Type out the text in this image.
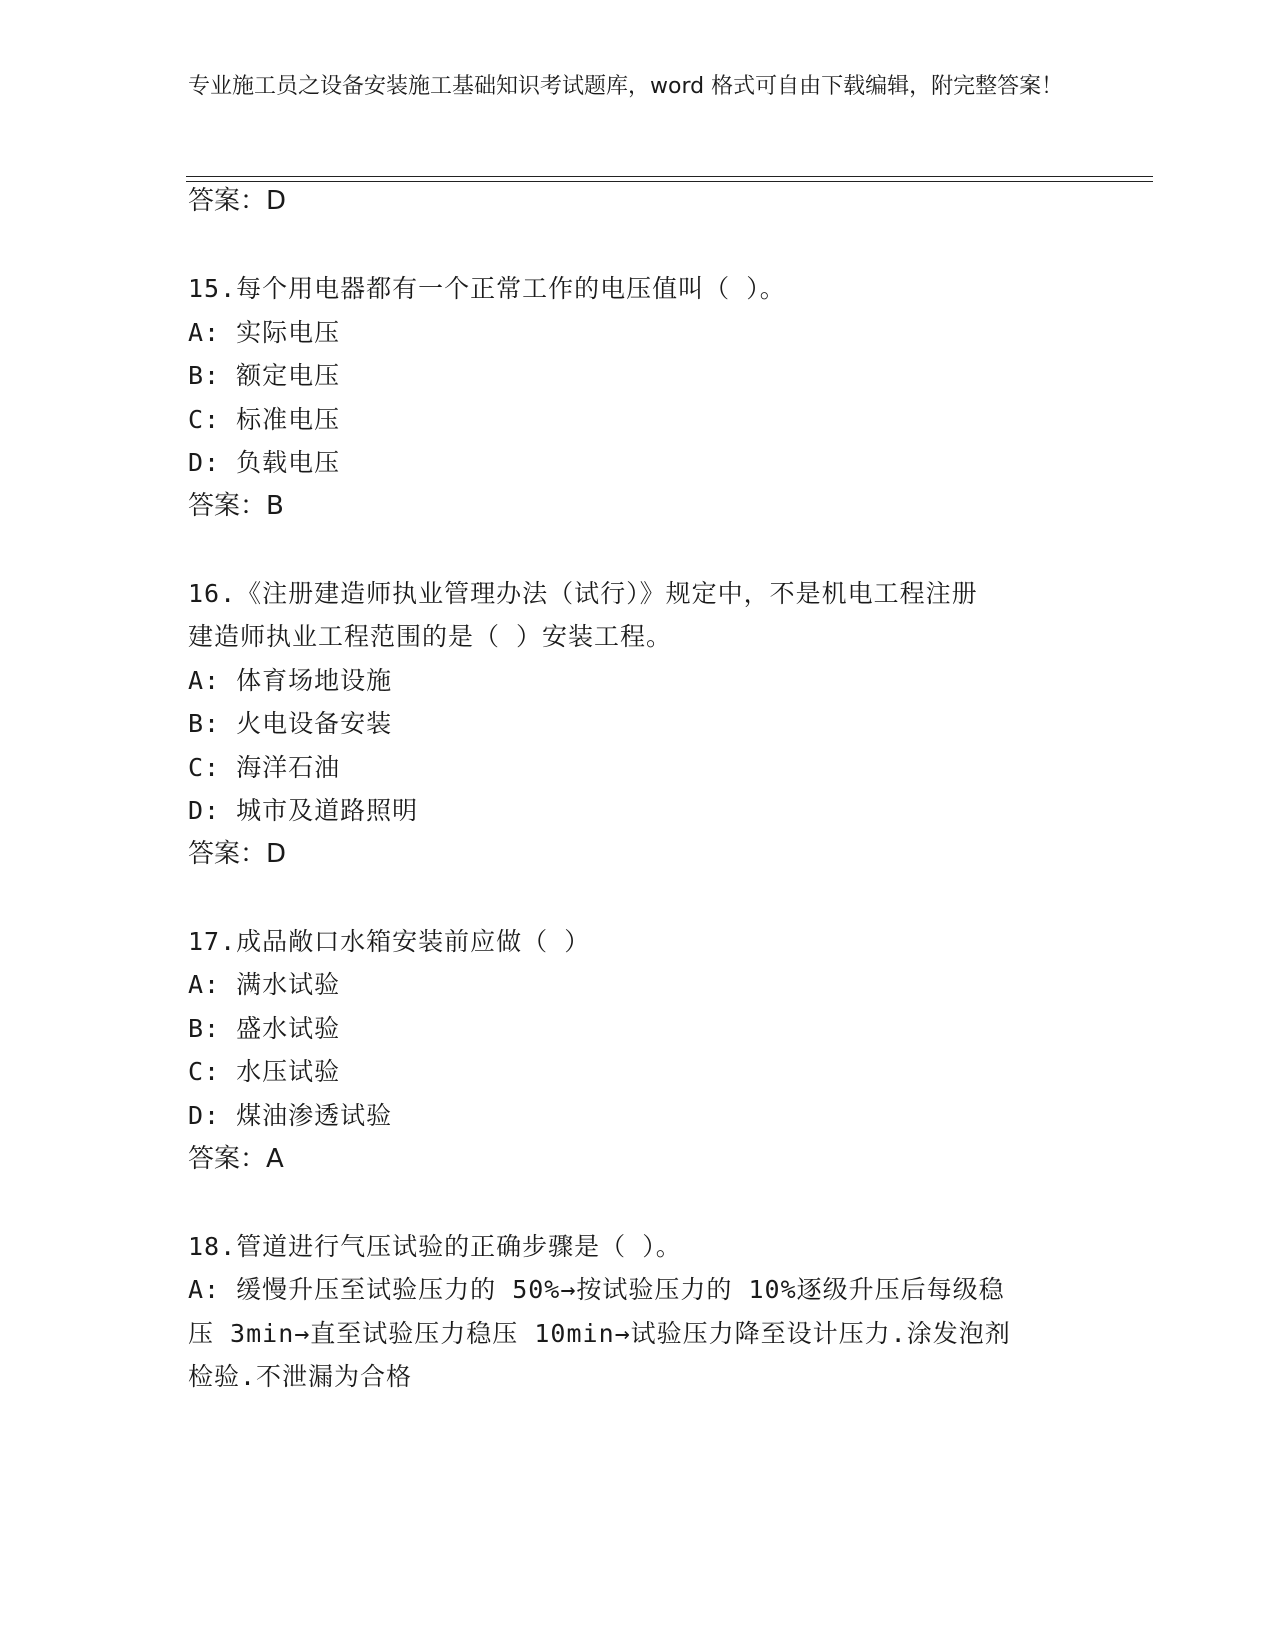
专业施工员之设备安装施工基础知识考试题库，word 格式可自由下载编辑，附完整答案！
答案：D
15.每个用电器都有一个正常工作的电压值叫（ ）。
A: 实际电压
B: 额定电压
C: 标准电压
D: 负载电压
答案：B
16.《注册建造师执业管理办法（试行）》规定中，不是机电工程注册
建造师执业工程范围的是（ ）安装工程。
A: 体育场地设施
B: 火电设备安装
C: 海洋石油
D: 城市及道路照明
答案：D
17.成品敞口水箱安装前应做（ ）
A: 满水试验
B: 盛水试验
C: 水压试验
D: 煤油渗透试验
答案：A
18.管道进行气压试验的正确步骤是（ ）。
A: 缓慢升压至试验压力的 50%→按试验压力的 10%逐级升压后每级稳
压 3min→直至试验压力稳压 10min→试验压力降至设计压力.涂发泡剂
检验.不泄漏为合格
